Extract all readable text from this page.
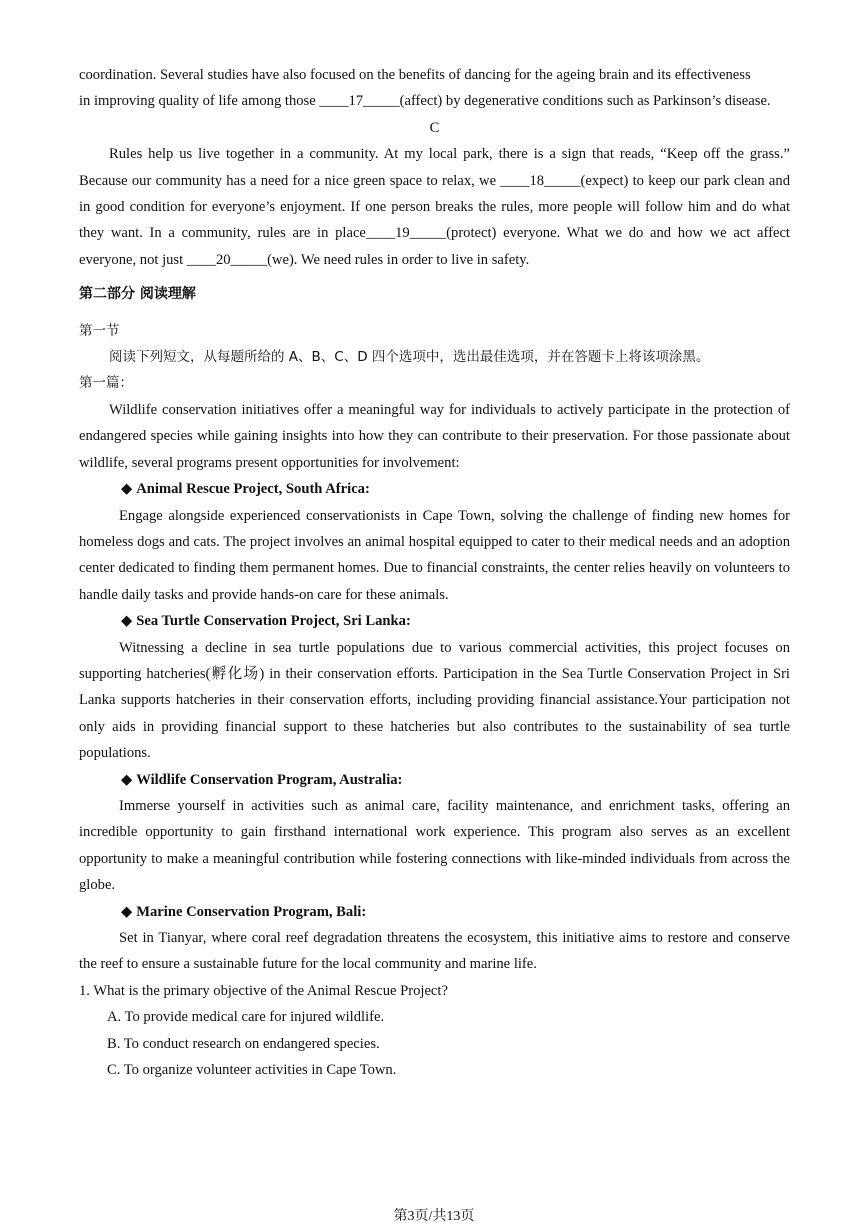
coordination. Several studies have also focused on the benefits of dancing for the ageing brain and its effectiveness

in improving quality of life among those ____17_____(affect) by degenerative conditions such as Parkinson’s disease.

C

Rules help us live together in a community. At my local park, there is a sign that reads, “Keep off the grass.” Because our community has a need for a nice green space to relax, we ____18_____(expect) to keep our park clean and in good condition for everyone’s enjoyment. If one person breaks the rules, more people will follow him and do what they want. In a community, rules are in place____19_____(protect) everyone. What we do and how we act affect everyone, not just ____20_____(we). We need rules in order to live in safety.

第二部分 阅读理解

第一节

阅读下列短文，从每题所给的 A、B、C、D 四个选项中，选出最佳选项，并在答题卡上将该项涂黑。

第一篇：

Wildlife conservation initiatives offer a meaningful way for individuals to actively participate in the protection of endangered species while gaining insights into how they can contribute to their preservation. For those passionate about wildlife, several programs present opportunities for involvement:

◆ Animal Rescue Project, South Africa:

Engage alongside experienced conservationists in Cape Town, solving the challenge of finding new homes for homeless dogs and cats. The project involves an animal hospital equipped to cater to their medical needs and an adoption center dedicated to finding them permanent homes. Due to financial constraints, the center relies heavily on volunteers to handle daily tasks and provide hands-on care for these animals.

◆ Sea Turtle Conservation Project, Sri Lanka:

Witnessing a decline in sea turtle populations due to various commercial activities, this project focuses on supporting hatcheries(孵化场) in their conservation efforts. Participation in the Sea Turtle Conservation Project in Sri Lanka supports hatcheries in their conservation efforts, including providing financial assistance.Your participation not only aids in providing financial support to these hatcheries but also contributes to the sustainability of sea turtle populations.

◆ Wildlife Conservation Program, Australia:

Immerse yourself in activities such as animal care, facility maintenance, and enrichment tasks, offering an incredible opportunity to gain firsthand international work experience. This program also serves as an excellent opportunity to make a meaningful contribution while fostering connections with like-minded individuals from across the globe.

◆ Marine Conservation Program, Bali:

Set in Tianyar, where coral reef degradation threatens the ecosystem, this initiative aims to restore and conserve the reef to ensure a sustainable future for the local community and marine life.

1. What is the primary objective of the Animal Rescue Project?

A. To provide medical care for injured wildlife.

B. To conduct research on endangered species.

C. To organize volunteer activities in Cape Town.

第3页/共13页
